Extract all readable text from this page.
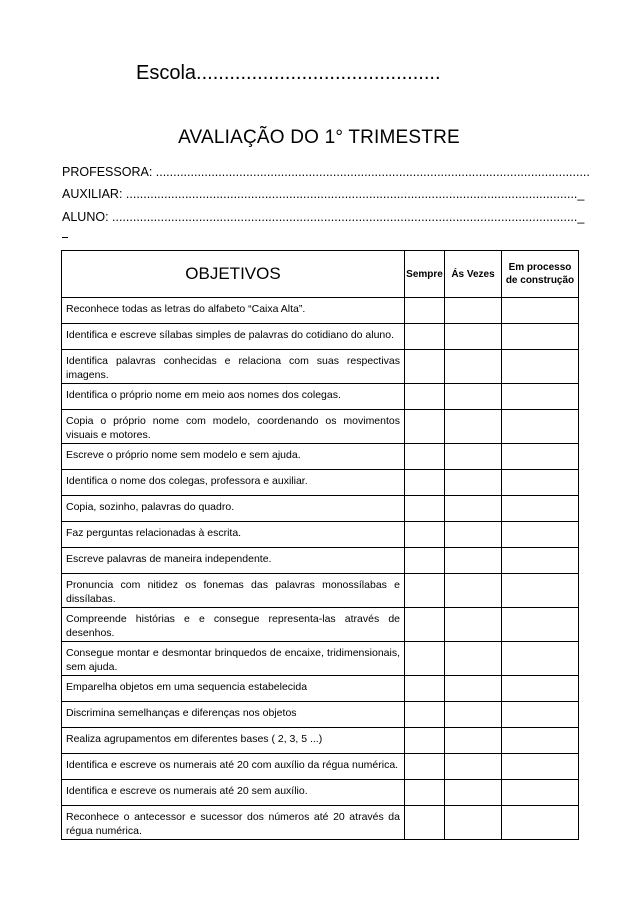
Escola............................................
AVALIAÇÃO DO 1° TRIMESTRE
PROFESSORA: .............................................................................................................................
AUXILIAR: .................................................................................................................................._
ALUNO: ......................................................................................................................................_
OBJETIVOS	Sempre	Ás Vezes	Em processo de construção
Reconhece todas as letras do alfabeto “Caixa Alta”.			
Identifica e escreve sílabas simples de palavras do cotidiano do aluno.			
Identifica palavras conhecidas e relaciona com suas respectivas imagens.			
Identifica o próprio nome em meio aos nomes dos colegas.			
Copia o próprio nome com modelo, coordenando os movimentos visuais e motores.			
Escreve o próprio nome sem modelo e sem ajuda.			
Identifica o nome dos colegas, professora e auxiliar.			
Copia, sozinho, palavras do quadro.			
Faz perguntas relacionadas à escrita.			
Escreve palavras de maneira independente.			
Pronuncia com nitidez os fonemas das palavras monossílabas e dissílabas.			
Compreende histórias e e consegue representa-las através de desenhos.			
Consegue montar e desmontar brinquedos de encaixe, tridimensionais, sem ajuda.			
Emparelha objetos em uma sequencia estabelecida			
Discrimina semelhanças e diferenças nos objetos			
Realiza agrupamentos em diferentes bases ( 2, 3, 5 ...)			
Identifica e escreve os numerais até 20 com auxílio da régua numérica.			
Identifica e escreve os numerais até 20 sem auxílio.			
Reconhece o antecessor e sucessor dos números até 20 através da régua numérica.			
